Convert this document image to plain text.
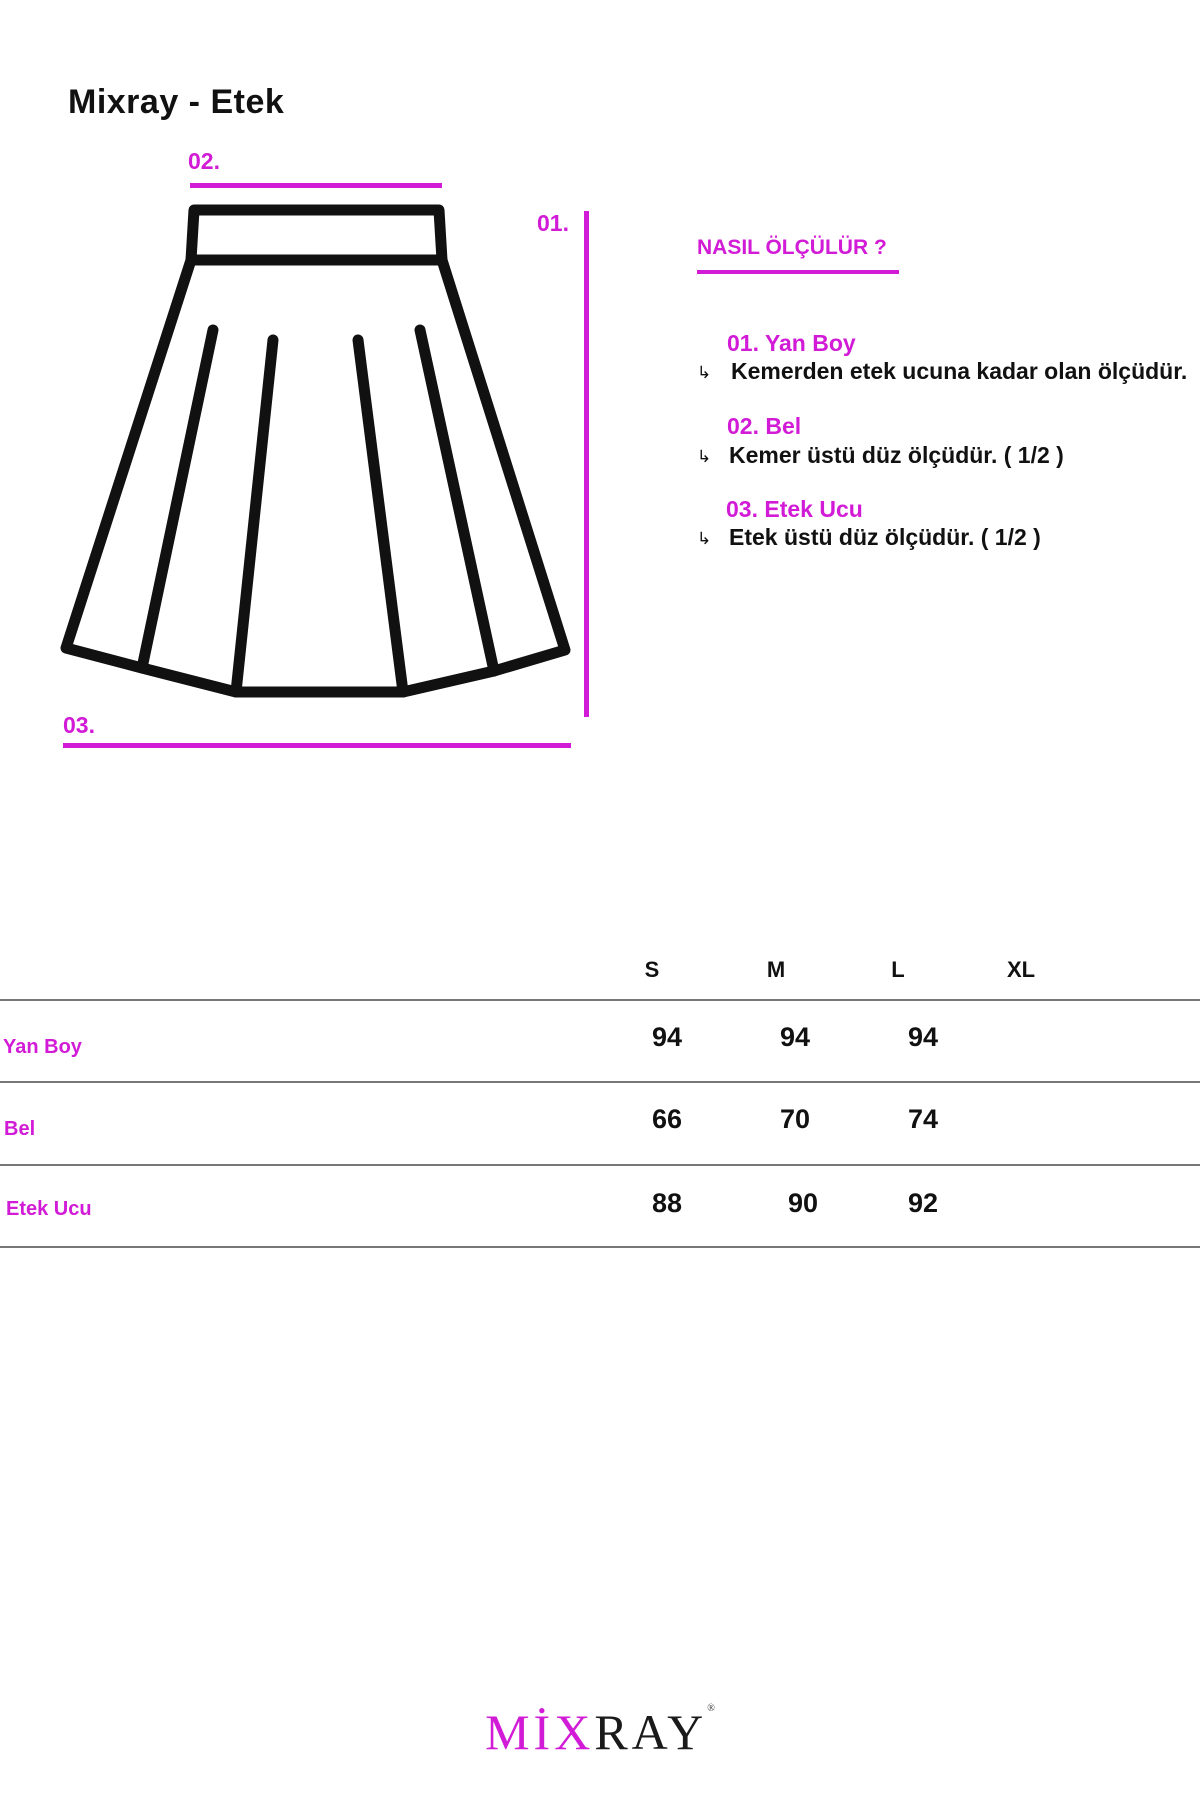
Mixray - Etek
02.
01.
03.
NASIL ÖLÇÜLÜR ?
01. Yan Boy
↳ Kemerden etek ucuna kadar olan ölçüdür.
02. Bel
↳ Kemer üstü düz ölçüdür. ( 1/2 )
03. Etek Ucu
↳ Etek üstü düz ölçüdür. ( 1/2 )
S	M	L	XL
Yan Boy	94	94	94
Bel	66	70	74
Etek Ucu	88	90	92
MİXRAY®
